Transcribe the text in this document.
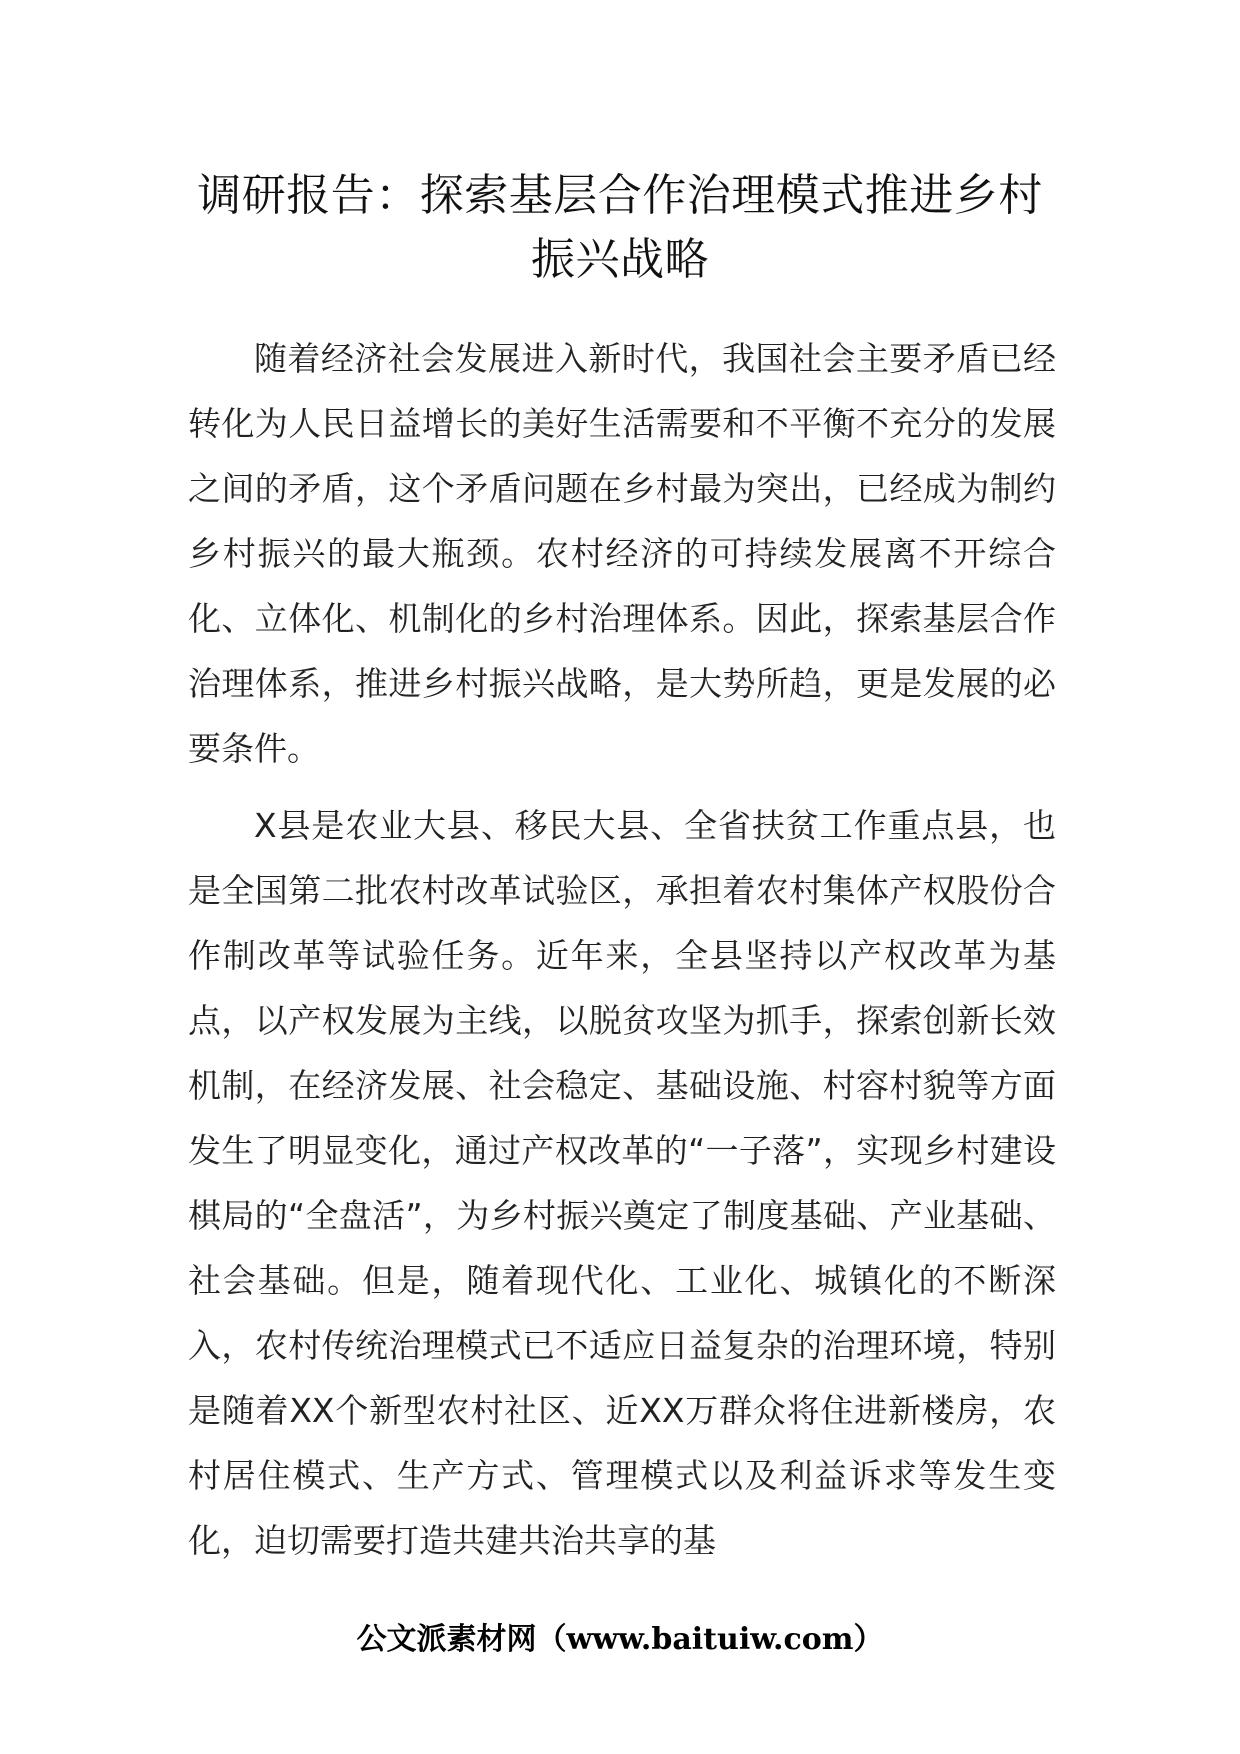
调研报告：探索基层合作治理模式推进乡村振兴战略

随着经济社会发展进入新时代，我国社会主要矛盾已经转化为人民日益增长的美好生活需要和不平衡不充分的发展之间的矛盾，这个矛盾问题在乡村最为突出，已经成为制约乡村振兴的最大瓶颈。农村经济的可持续发展离不开综合化、立体化、机制化的乡村治理体系。因此，探索基层合作治理体系，推进乡村振兴战略，是大势所趋，更是发展的必要条件。

X县是农业大县、移民大县、全省扶贫工作重点县，也是全国第二批农村改革试验区，承担着农村集体产权股份合作制改革等试验任务。近年来，全县坚持以产权改革为基点，以产权发展为主线，以脱贫攻坚为抓手，探索创新长效机制，在经济发展、社会稳定、基础设施、村容村貌等方面发生了明显变化，通过产权改革的“一子落”，实现乡村建设棋局的“全盘活”，为乡村振兴奠定了制度基础、产业基础、社会基础。但是，随着现代化、工业化、城镇化的不断深入，农村传统治理模式已不适应日益复杂的治理环境，特别是随着XX个新型农村社区、近XX万群众将住进新楼房，农村居住模式、生产方式、管理模式以及利益诉求等发生变化，迫切需要打造共建共治共享的基

公文派素材网（www.baituiw.com）
